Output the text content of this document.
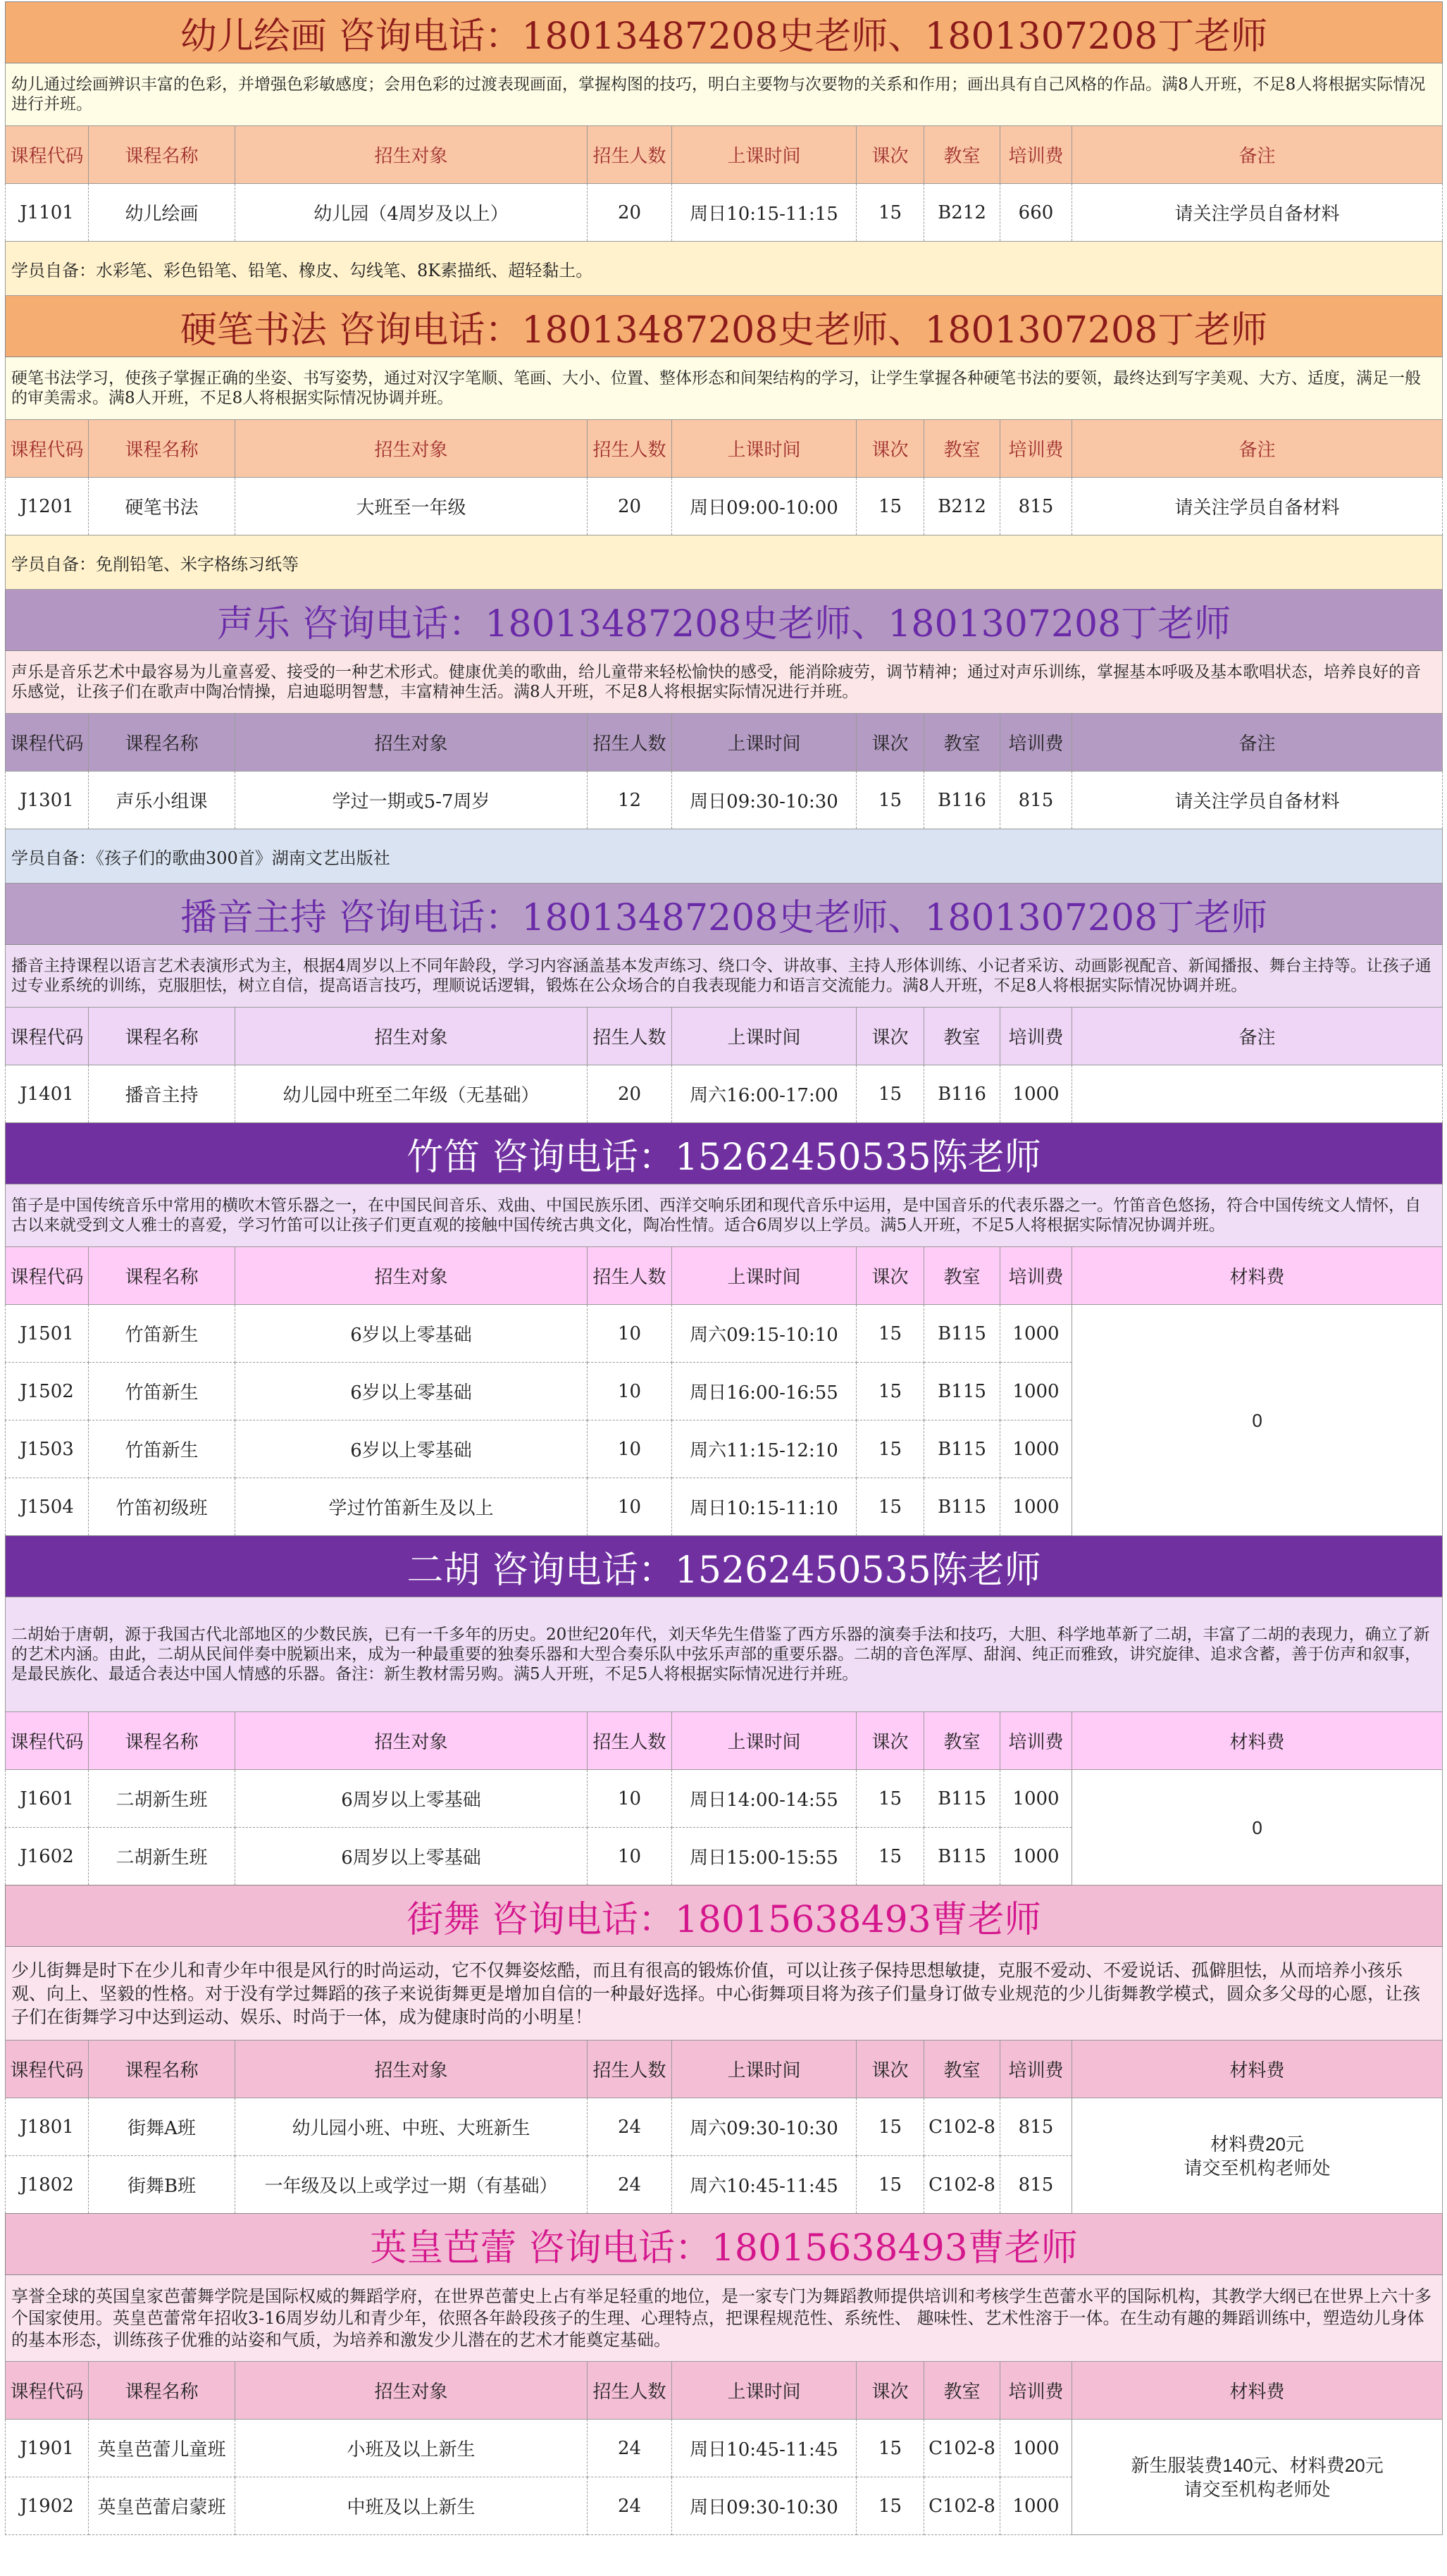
幼儿绘画 咨询电话：18013487208史老师、1801307208丁老师								
幼儿通过绘画辨识丰富的色彩，并增强色彩敏感度；会用色彩的过渡表现画面，掌握构图的技巧，明白主要物与次要物的关系和作用；画出具有自己风格的作品。满8人开班，不足8人将根据实际情况进行并班。								
课程代码	课程名称	招生对象	招生人数	上课时间	课次	教室	培训费	备注
J1101	幼儿绘画	幼儿园（4周岁及以上）	20	周日10:15-11:15	15	B212	660	请关注学员自备材料
学员自备：水彩笔、彩色铅笔、铅笔、橡皮、勾线笔、8K素描纸、超轻黏土。								
硬笔书法 咨询电话：18013487208史老师、1801307208丁老师								
硬笔书法学习，使孩子掌握正确的坐姿、书写姿势，通过对汉字笔顺、笔画、大小、位置、整体形态和间架结构的学习，让学生掌握各种硬笔书法的要领，最终达到写字美观、大方、适度，满足一般的审美需求。满8人开班，不足8人将根据实际情况协调并班。								
课程代码	课程名称	招生对象	招生人数	上课时间	课次	教室	培训费	备注
J1201	硬笔书法	大班至一年级	20	周日09:00-10:00	15	B212	815	请关注学员自备材料
学员自备：免削铅笔、米字格练习纸等								
声乐 咨询电话：18013487208史老师、1801307208丁老师								
声乐是音乐艺术中最容易为儿童喜爱、接受的一种艺术形式。健康优美的歌曲，给儿童带来轻松愉快的感受，能消除疲劳，调节精神；通过对声乐训练，掌握基本呼吸及基本歌唱状态，培养良好的音乐感觉，让孩子们在歌声中陶冶情操，启迪聪明智慧，丰富精神生活。满8人开班，不足8人将根据实际情况进行并班。								
课程代码	课程名称	招生对象	招生人数	上课时间	课次	教室	培训费	备注
J1301	声乐小组课	学过一期或5-7周岁	12	周日09:30-10:30	15	B116	815	请关注学员自备材料
学员自备：《孩子们的歌曲300首》湖南文艺出版社								
播音主持 咨询电话：18013487208史老师、1801307208丁老师								
播音主持课程以语言艺术表演形式为主，根据4周岁以上不同年龄段，学习内容涵盖基本发声练习、绕口令、讲故事、主持人形体训练、小记者采访、动画影视配音、新闻播报、舞台主持等。让孩子通过专业系统的训练，克服胆怯，树立自信，提高语言技巧，理顺说话逻辑，锻炼在公众场合的自我表现能力和语言交流能力。满8人开班，不足8人将根据实际情况协调并班。								
课程代码	课程名称	招生对象	招生人数	上课时间	课次	教室	培训费	备注
J1401	播音主持	幼儿园中班至二年级（无基础）	20	周六16:00-17:00	15	B116	1000	
竹笛 咨询电话：15262450535陈老师								
笛子是中国传统音乐中常用的横吹木管乐器之一，在中国民间音乐、戏曲、中国民族乐团、西洋交响乐团和现代音乐中运用，是中国音乐的代表乐器之一。竹笛音色悠扬，符合中国传统文人情怀，自古以来就受到文人雅士的喜爱，学习竹笛可以让孩子们更直观的接触中国传统古典文化，陶冶性情。适合6周岁以上学员。满5人开班，不足5人将根据实际情况协调并班。								
课程代码	课程名称	招生对象	招生人数	上课时间	课次	教室	培训费	材料费
J1501	竹笛新生	6岁以上零基础	10	周六09:15-10:10	15	B115	1000	0
J1502	竹笛新生	6岁以上零基础	10	周日16:00-16:55	15	B115	1000	
J1503	竹笛新生	6岁以上零基础	10	周六11:15-12:10	15	B115	1000	
J1504	竹笛初级班	学过竹笛新生及以上	10	周日10:15-11:10	15	B115	1000	
二胡 咨询电话：15262450535陈老师								
二胡始于唐朝，源于我国古代北部地区的少数民族，已有一千多年的历史。20世纪20年代，刘天华先生借鉴了西方乐器的演奏手法和技巧，大胆、科学地革新了二胡，丰富了二胡的表现力，确立了新的艺术内涵。由此，二胡从民间伴奏中脱颖出来，成为一种最重要的独奏乐器和大型合奏乐队中弦乐声部的重要乐器。二胡的音色浑厚、甜润、纯正而雅致，讲究旋律、追求含蓄，善于仿声和叙事，是最民族化、最适合表达中国人情感的乐器。备注：新生教材需另购。满5人开班，不足5人将根据实际情况进行并班。								
课程代码	课程名称	招生对象	招生人数	上课时间	课次	教室	培训费	材料费
J1601	二胡新生班	6周岁以上零基础	10	周日14:00-14:55	15	B115	1000	0
J1602	二胡新生班	6周岁以上零基础	10	周日15:00-15:55	15	B115	1000	
街舞 咨询电话：18015638493曹老师								
少儿街舞是时下在少儿和青少年中很是风行的时尚运动，它不仅舞姿炫酷，而且有很高的锻炼价值，可以让孩子保持思想敏捷，克服不爱动、不爱说话、孤僻胆怯，从而培养小孩乐观、向上、坚毅的性格。对于没有学过舞蹈的孩子来说街舞更是增加自信的一种最好选择。中心街舞项目将为孩子们量身订做专业规范的少儿街舞教学模式，圆众多父母的心愿，让孩子们在街舞学习中达到运动、娱乐、时尚于一体，成为健康时尚的小明星！								
课程代码	课程名称	招生对象	招生人数	上课时间	课次	教室	培训费	材料费
J1801	街舞A班	幼儿园小班、中班、大班新生	24	周六09:30-10:30	15	C102-8	815	材料费20元
请交至机构老师处

J1802	街舞B班	一年级及以上或学过一期（有基础）	24	周六10:45-11:45	15	C102-8	815	
英皇芭蕾 咨询电话：18015638493曹老师								
享誉全球的英国皇家芭蕾舞学院是国际权威的舞蹈学府，在世界芭蕾史上占有举足轻重的地位，是一家专门为舞蹈教师提供培训和考核学生芭蕾水平的国际机构，其教学大纲已在世界上六十多个国家使用。英皇芭蕾常年招收3-16周岁幼儿和青少年，依照各年龄段孩子的生理、心理特点，把课程规范性、系统性、 趣味性、艺术性溶于一体。在生动有趣的舞蹈训练中，塑造幼儿身体的基本形态，训练孩子优雅的站姿和气质，为培养和激发少儿潜在的艺术才能奠定基础。								
课程代码	课程名称	招生对象	招生人数	上课时间	课次	教室	培训费	材料费
J1901	英皇芭蕾儿童班	小班及以上新生	24	周日10:45-11:45	15	C102-8	1000	新生服装费140元、材料费20元
请交至机构老师处

J1902	英皇芭蕾启蒙班	中班及以上新生	24	周日09:30-10:30	15	C102-8	1000	
